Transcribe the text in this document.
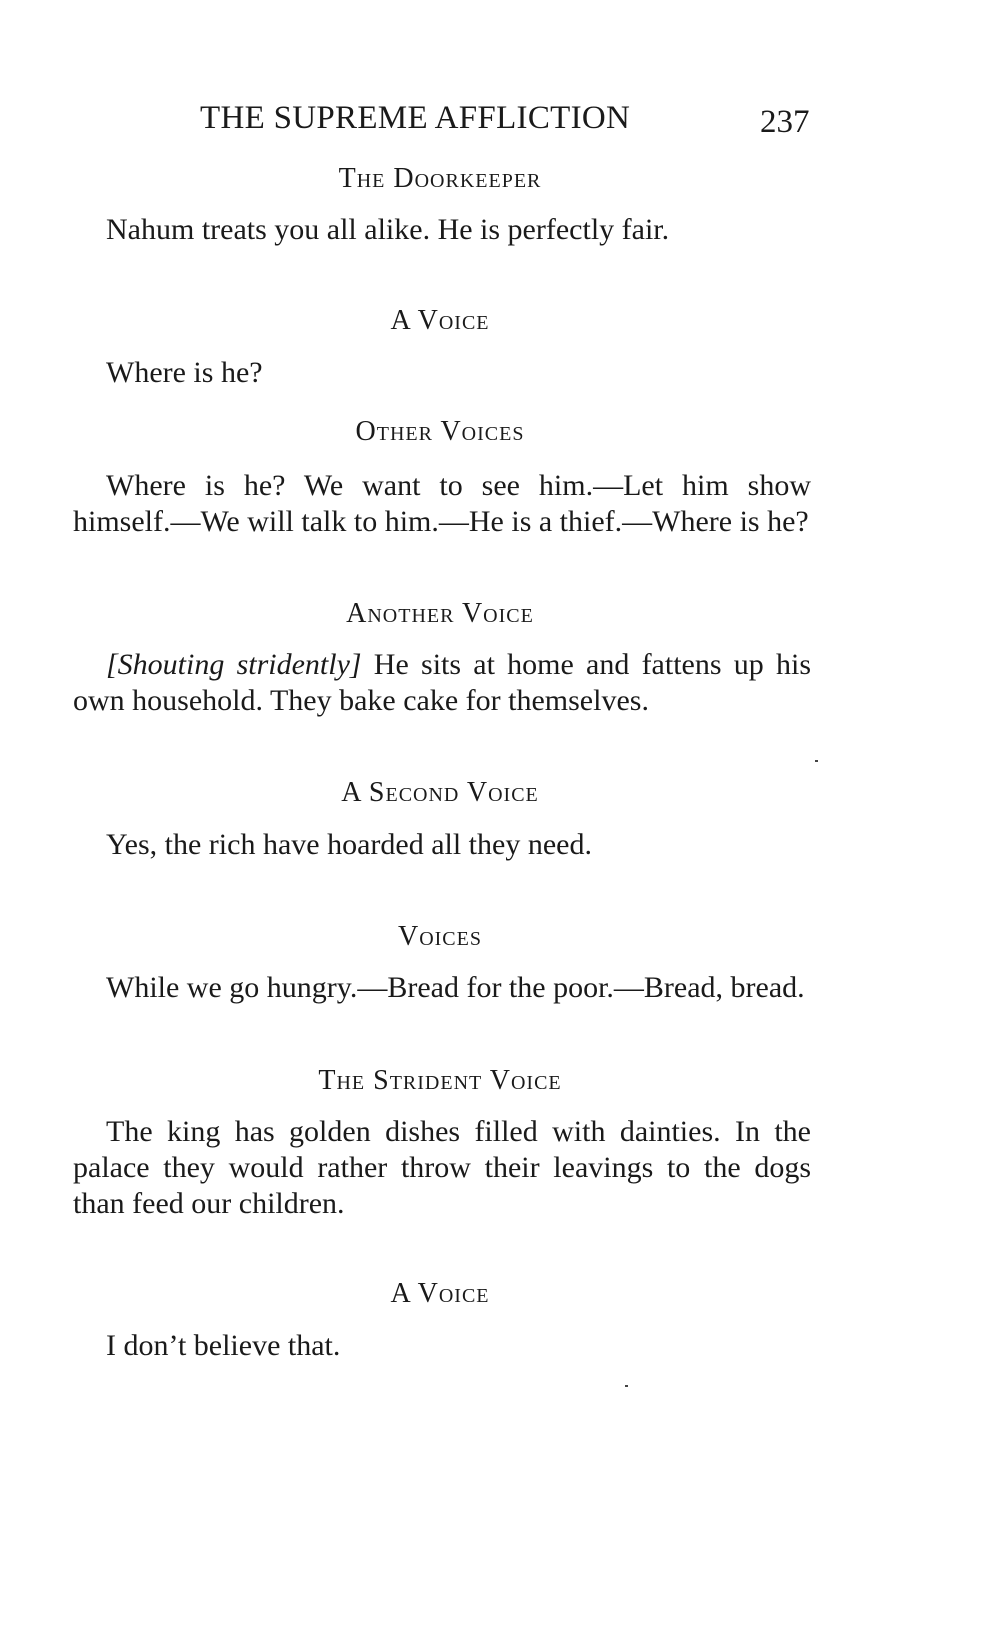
THE SUPREME AFFLICTION	237
The Doorkeeper
Nahum treats you all alike. He is perfectly fair.
A Voice
Where is he?
Other Voices
Where is he? We want to see him.—Let him show himself.—We will talk to him.—He is a thief.—Where is he?
Another Voice
[Shouting stridently] He sits at home and fattens up his own household. They bake cake for themselves.
A Second Voice
Yes, the rich have hoarded all they need.
Voices
While we go hungry.—Bread for the poor.—Bread, bread.
The Strident Voice
The king has golden dishes filled with dainties. In the palace they would rather throw their leavings to the dogs than feed our children.
A Voice
I don’t believe that.
